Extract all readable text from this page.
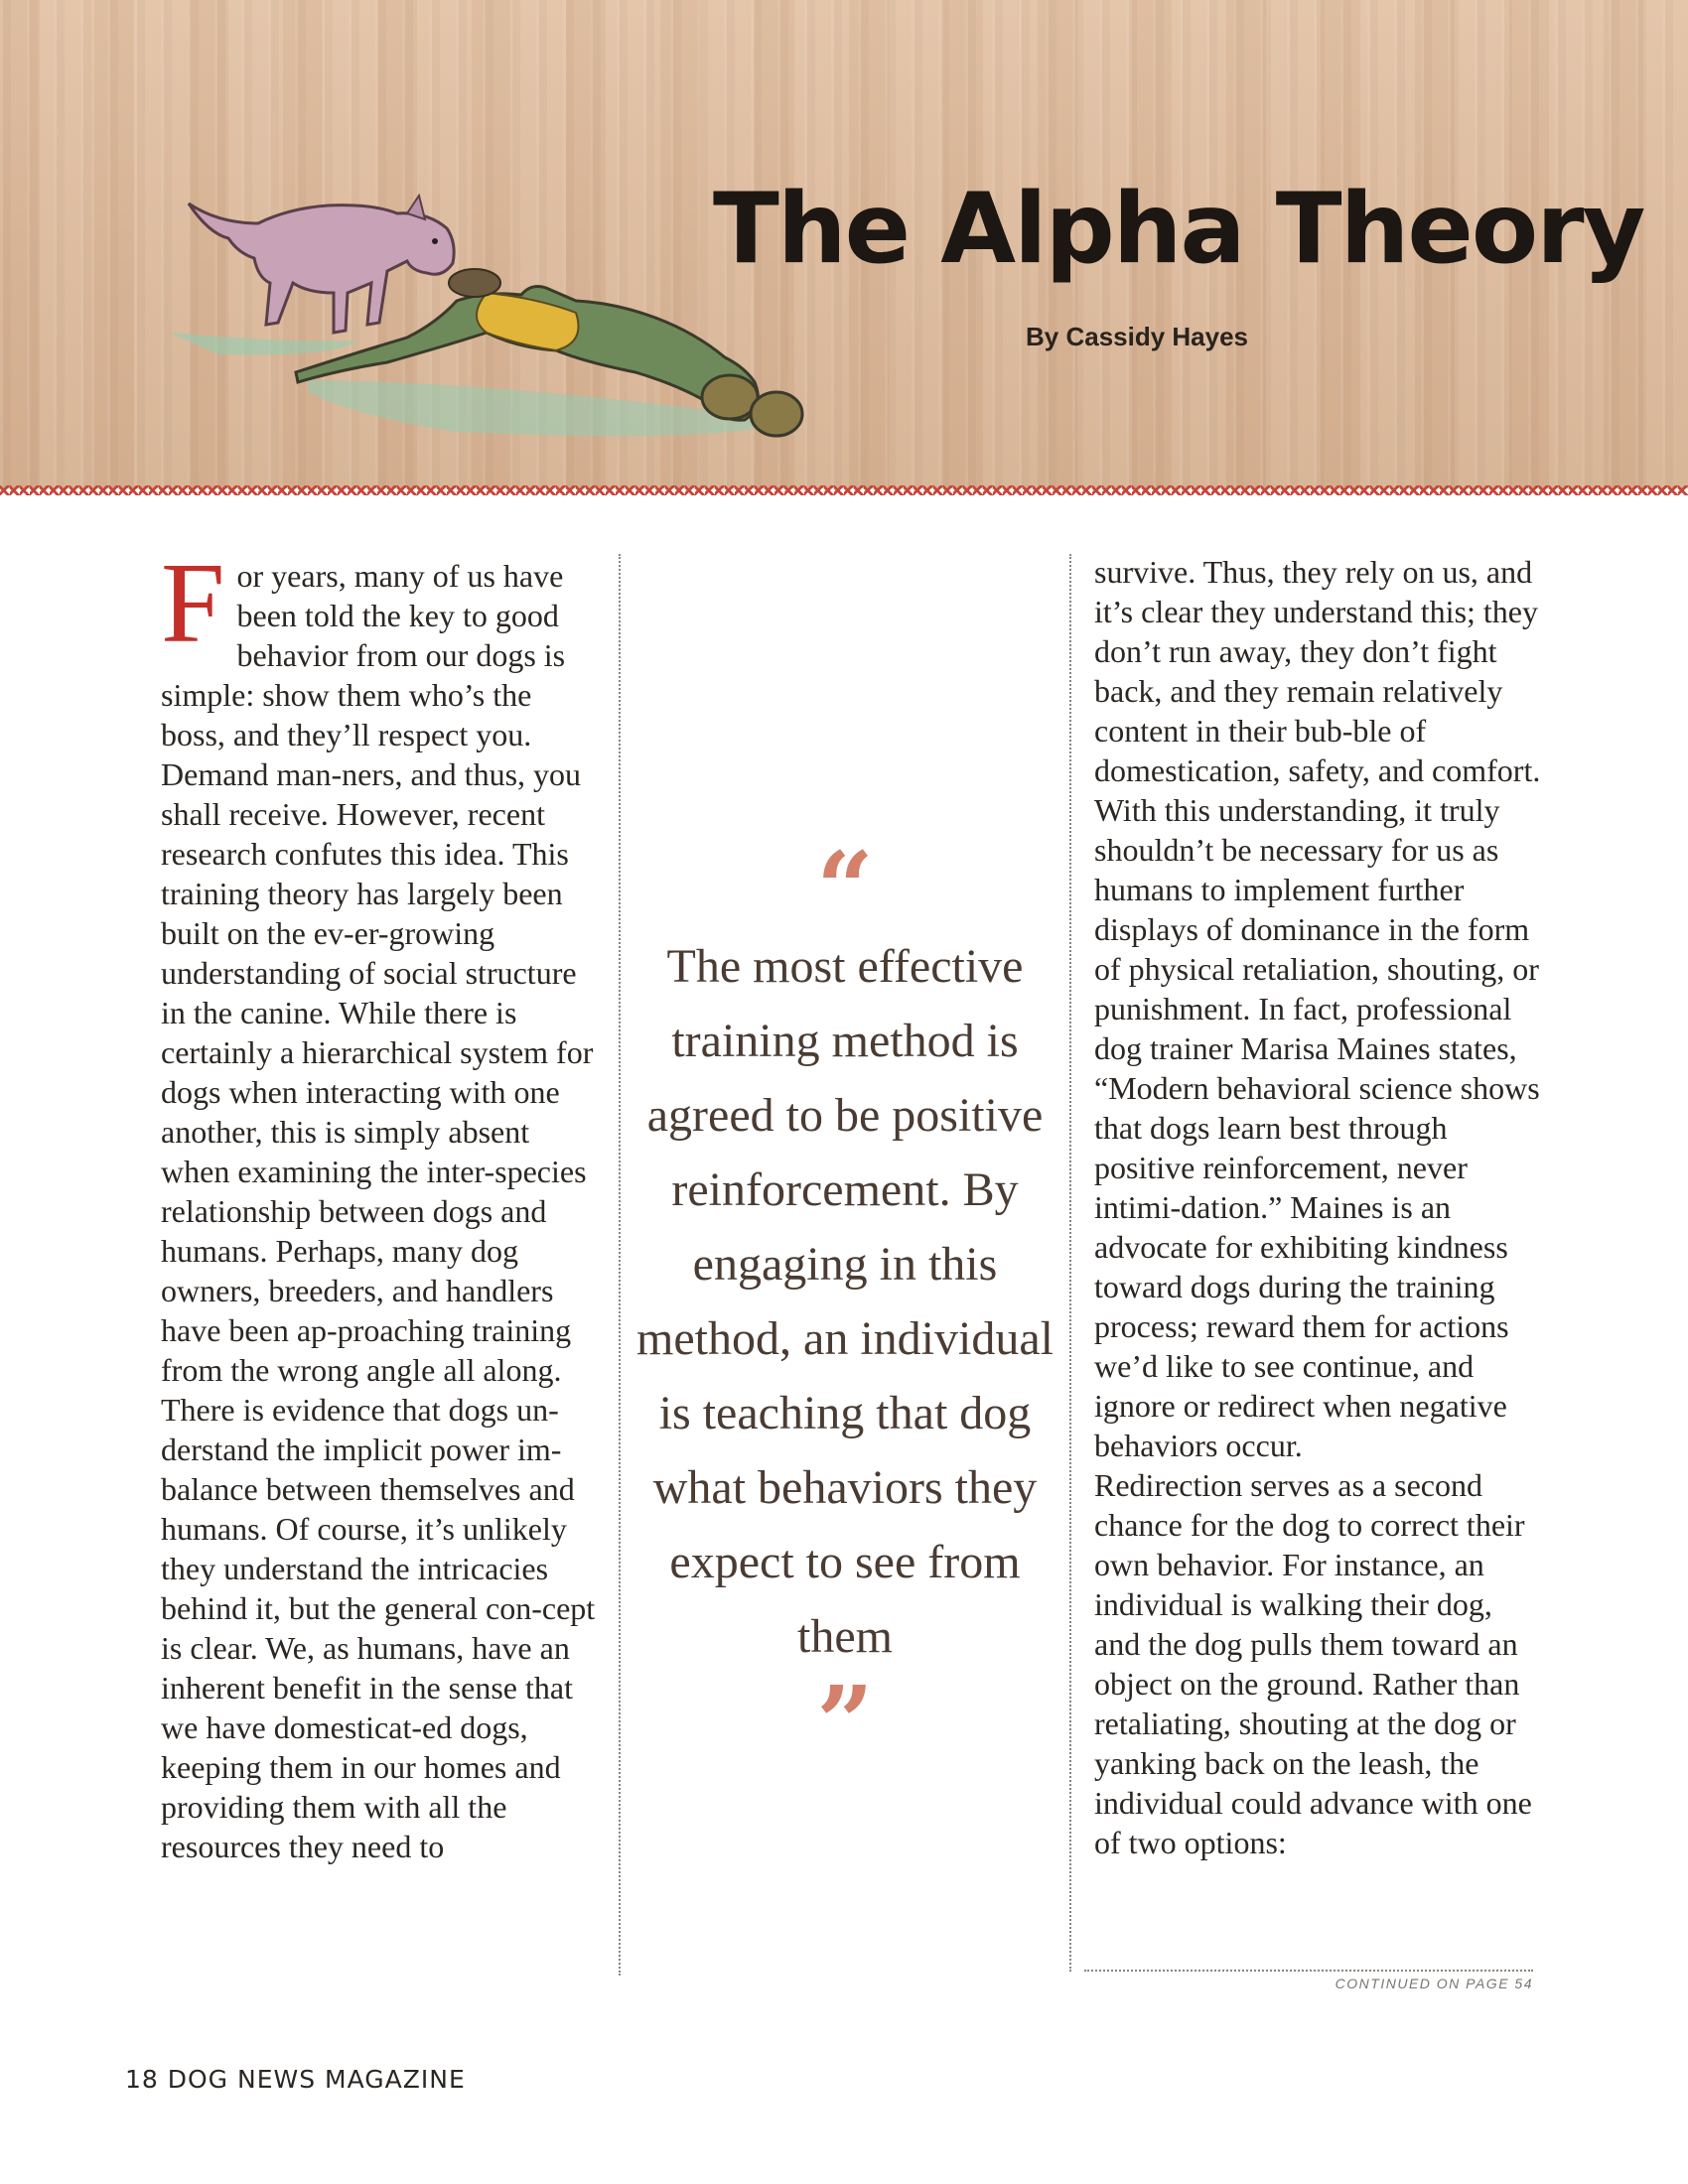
The Alpha Theory
By Cassidy Hayes
F or years, many of us have been told the key to good behavior from our dogs is simple: show them who’s the boss, and they’ll respect you. Demand man-ners, and thus, you shall receive. However, recent research confutes this idea. This training theory has largely been built on the ev-er-growing understanding of social structure in the canine. While there is certainly a hierarchical system for dogs when interacting with one another, this is simply absent when examining the inter-species relationship between dogs and humans. Perhaps, many dog owners, breeders, and handlers have been ap-proaching training from the wrong angle all along.

There is evidence that dogs un-derstand the implicit power im-balance between themselves and humans. Of course, it’s unlikely they understand the intricacies behind it, but the general con-cept is clear. We, as humans, have an inherent benefit in the sense that we have domesticat-ed dogs, keeping them in our homes and providing them with all the resources they need to

“
The most effective training method is agreed to be positive reinforcement. By engaging in this method, an individual is teaching that dog what behaviors they expect to see from them
”

survive. Thus, they rely on us, and it’s clear they understand this; they don’t run away, they don’t fight back, and they remain relatively content in their bub-ble of domestication, safety, and comfort.

With this understanding, it truly shouldn’t be necessary for us as humans to implement further displays of dominance in the form of physical retaliation, shouting, or punishment. In fact, professional dog trainer Marisa Maines states, “Modern behavioral science shows that dogs learn best through positive reinforcement, never intimi-dation.” Maines is an advocate for exhibiting kindness toward dogs during the training process; reward them for actions we’d like to see continue, and ignore or redirect when negative behaviors occur.

Redirection serves as a second chance for the dog to correct their own behavior. For instance, an individual is walking their dog, and the dog pulls them toward an object on the ground. Rather than retaliating, shouting at the dog or yanking back on the leash, the individual could advance with one of two options:

CONTINUED ON PAGE 54
18 DOG NEWS MAGAZINE
